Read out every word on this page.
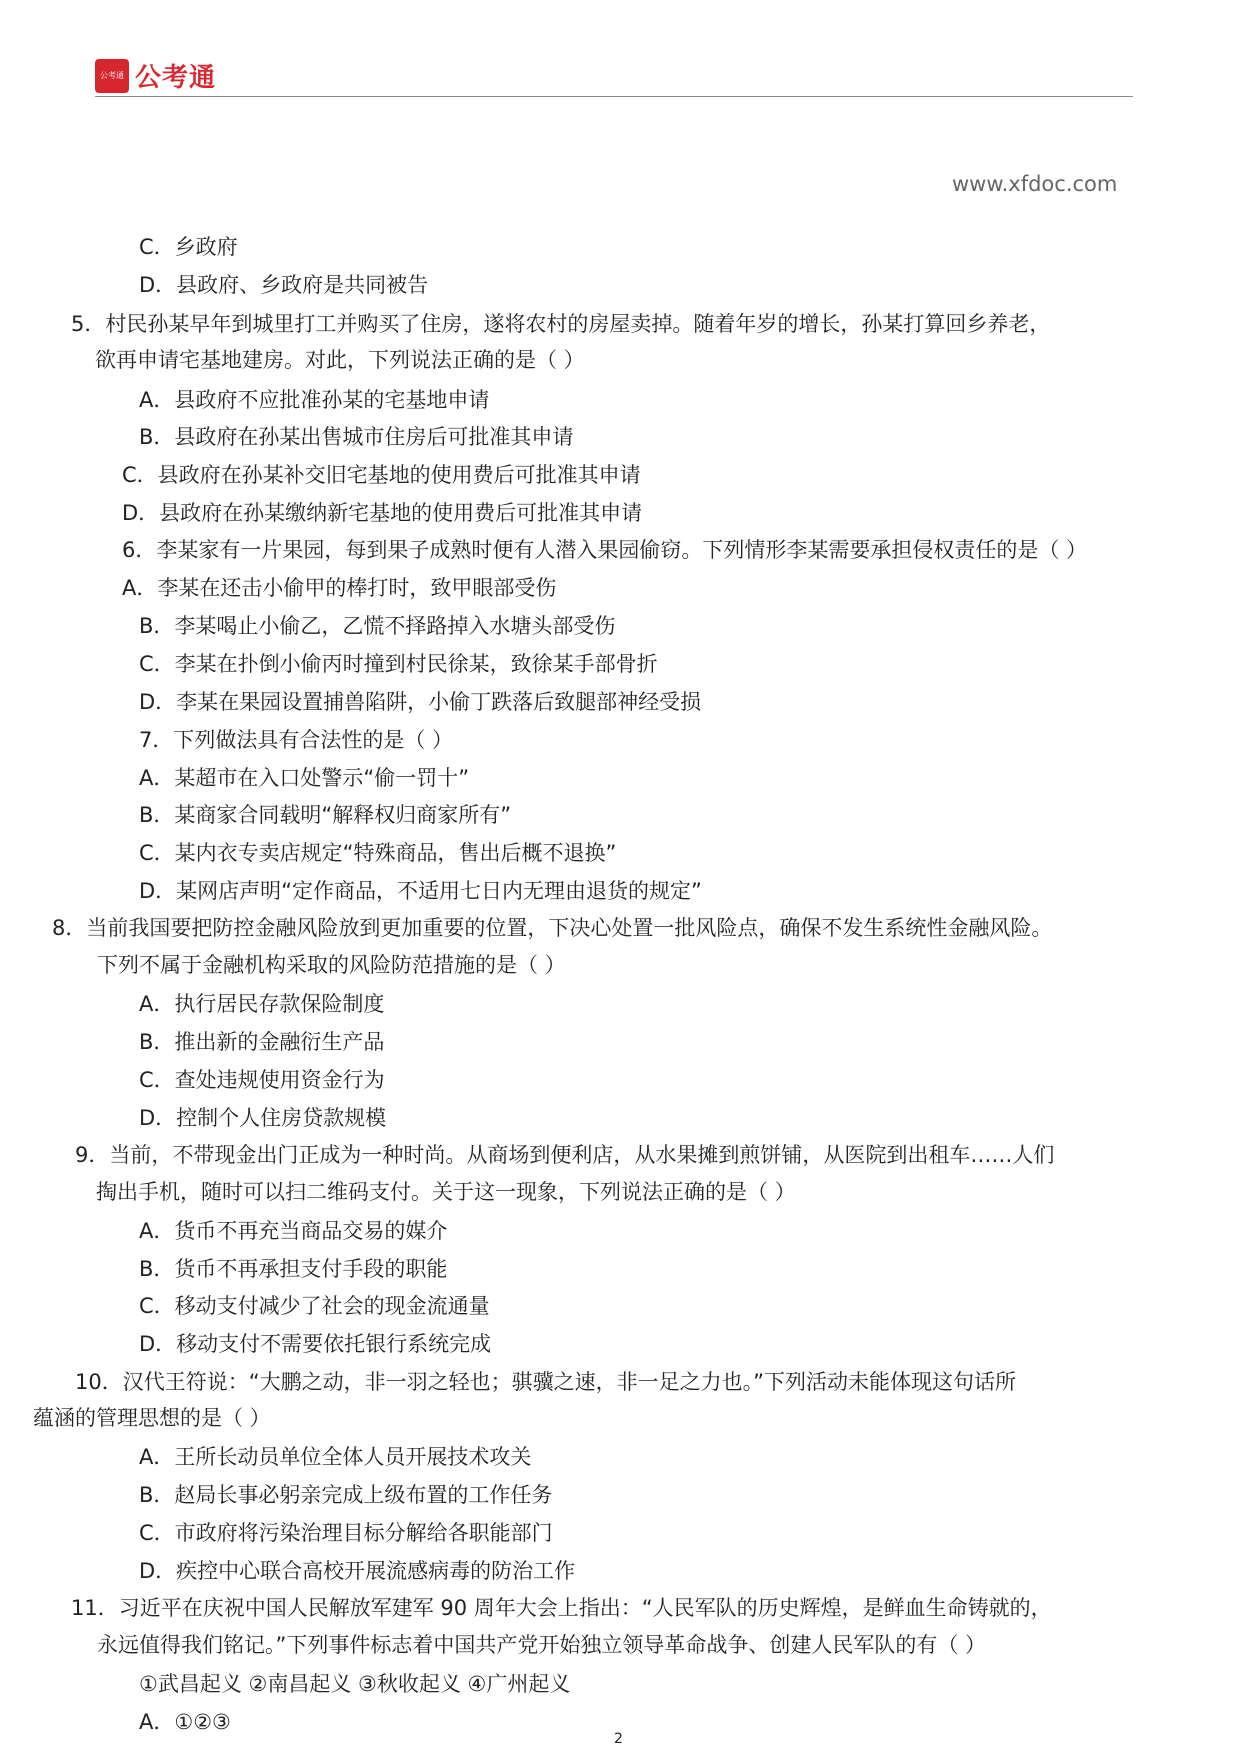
公考通 公考通
www.xfdoc.com
C．乡政府
D．县政府、乡政府是共同被告
5．村民孙某早年到城里打工并购买了住房，遂将农村的房屋卖掉。随着年岁的增长，孙某打算回乡养老，
欲再申请宅基地建房。对此，下列说法正确的是（ ）
A．县政府不应批准孙某的宅基地申请
B．县政府在孙某出售城市住房后可批准其申请
C．县政府在孙某补交旧宅基地的使用费后可批准其申请
D．县政府在孙某缴纳新宅基地的使用费后可批准其申请
6．李某家有一片果园，每到果子成熟时便有人潜入果园偷窃。下列情形李某需要承担侵权责任的是（ ）
A．李某在还击小偷甲的棒打时，致甲眼部受伤
B．李某喝止小偷乙，乙慌不择路掉入水塘头部受伤
C．李某在扑倒小偷丙时撞到村民徐某，致徐某手部骨折
D．李某在果园设置捕兽陷阱，小偷丁跌落后致腿部神经受损
7．下列做法具有合法性的是（ ）
A．某超市在入口处警示“偷一罚十”
B．某商家合同载明“解释权归商家所有”
C．某内衣专卖店规定“特殊商品，售出后概不退换”
D．某网店声明“定作商品，不适用七日内无理由退货的规定”
8．当前我国要把防控金融风险放到更加重要的位置，下决心处置一批风险点，确保不发生系统性金融风险。
下列不属于金融机构采取的风险防范措施的是（ ）
A．执行居民存款保险制度
B．推出新的金融衍生产品
C．查处违规使用资金行为
D．控制个人住房贷款规模
9．当前，不带现金出门正成为一种时尚。从商场到便利店，从水果摊到煎饼铺，从医院到出租车……人们
掏出手机，随时可以扫二维码支付。关于这一现象，下列说法正确的是（ ）
A．货币不再充当商品交易的媒介
B．货币不再承担支付手段的职能
C．移动支付减少了社会的现金流通量
D．移动支付不需要依托银行系统完成
10．汉代王符说：“大鹏之动，非一羽之轻也；骐骥之速，非一足之力也。”下列活动未能体现这句话所
蕴涵的管理思想的是（ ）
A．王所长动员单位全体人员开展技术攻关
B．赵局长事必躬亲完成上级布置的工作任务
C．市政府将污染治理目标分解给各职能部门
D．疾控中心联合高校开展流感病毒的防治工作
11．习近平在庆祝中国人民解放军建军 90 周年大会上指出：“人民军队的历史辉煌，是鲜血生命铸就的，
永远值得我们铭记。”下列事件标志着中国共产党开始独立领导革命战争、创建人民军队的有（ ）
①武昌起义 ②南昌起义 ③秋收起义 ④广州起义
A．①②③
2
